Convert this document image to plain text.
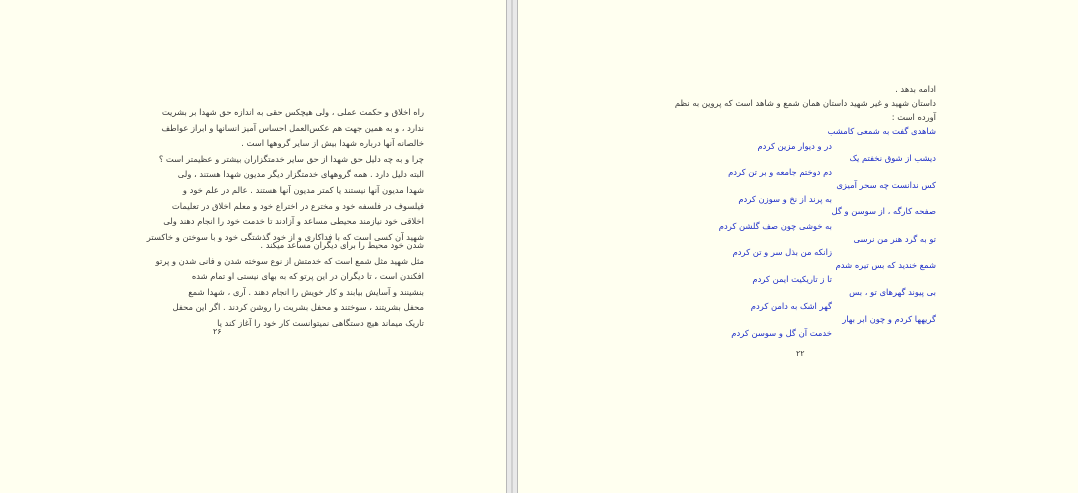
راه اخلاق و حکمت عملی ، ولی هیچکس حقی به اندازه حق شهدا بر بشریت

ندارد ، و به همین جهت هم عکس‌العمل احساس آمیز انسانها و ابراز عواطف

خالصانه آنها درباره شهدا بیش از سایر گروهها است .

چرا و به چه دلیل حق شهدا از حق سایر خدمتگزاران بیشتر و عظیمتر است ؟

البته دلیل دارد . همه گروههای خدمتگزار دیگر مدیون شهدا هستند ، ولی

شهدا مدیون آنها نیستند یا کمتر مدیون آنها هستند . عالم در علم خود و

فیلسوف در فلسفه خود و مخترع در اختراع خود و معلم اخلاق در تعلیمات

اخلاقی خود نیازمند محیطی مساعد و آزادند تا خدمت خود را انجام دهند ولی

شهید آن کسی است که با فداکاری و از خود گذشتگی خود و با سوختن و خاکستر

شدن خود محیط را برای دیگران مساعد میکند .

مثل شهید مثل شمع است که خدمتش از نوع سوخته شدن و فانی شدن و پرتو

افکندن است ، تا دیگران در این پرتو که به بهای نیستی او تمام شده

بنشینند و آسایش بیابند و کار خویش را انجام دهند . آری ، شهدا شمع

محفل بشریتند ، سوختند و محفل بشریت را روشن کردند . اگر این محفل

تاریک میماند هیچ دستگاهی نمیتوانست کار خود را آغاز کند یا

۲۶

ادامه بدهد .

داستان شهید و غیر شهید داستان همان شمع و شاهد است که پروین به نظم

آورده است :

شاهدی گفت به شمعی کامشب
در و دیوار مزین کردم
دیشب از شوق نخفتم یک
دم دوختم جامعه و بر تن کردم
کس ندانست چه سحر آمیزی
به پرند از نخ و سوزن کردم
صفحه کارگه ، از سوسن و گل
به خوشی چون صف گلشن کردم
تو به گرد هنر من نرسی
زانکه من بذل سر و تن کردم
شمع خندید که بس تیره شدم
تا ز تاریکیت ایمن کردم
بی پیوند گهرهای تو ، بس
گهر اشک به دامن کردم
گریهها کردم و چون ابر بهار
خدمت آن گل و سوسن کردم
۲۲
